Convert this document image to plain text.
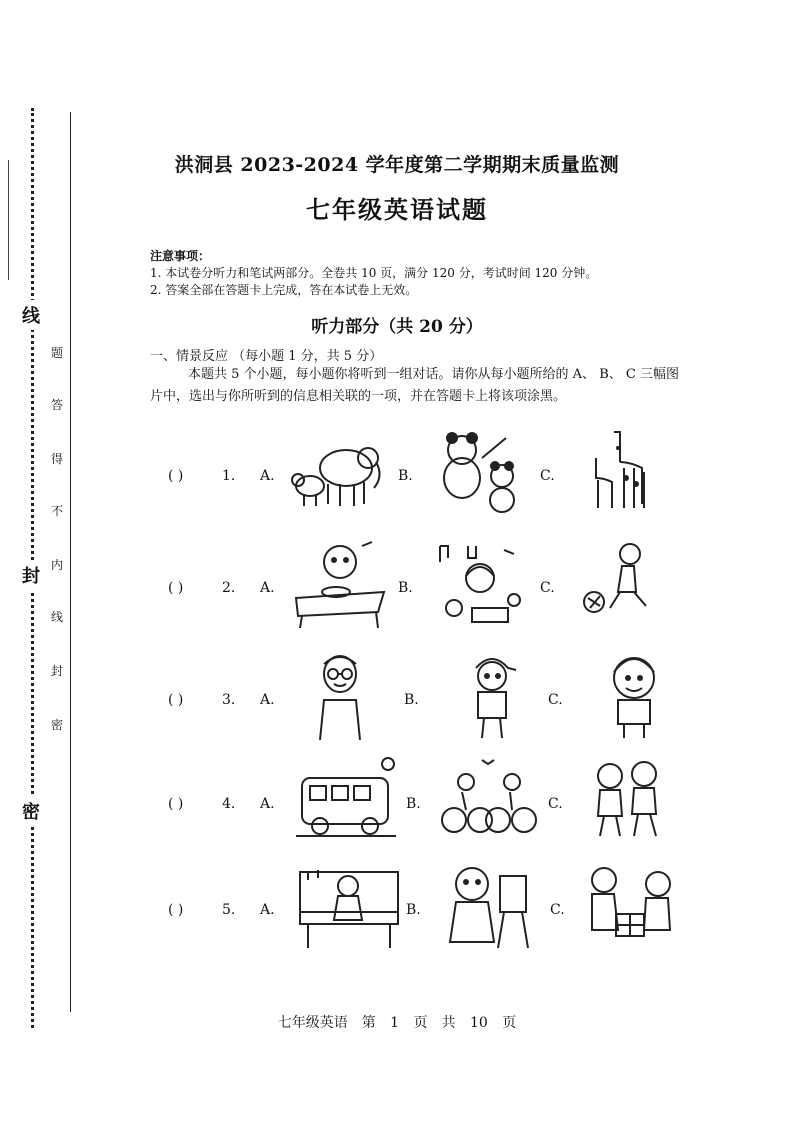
线
封
密
题
答
得
不
内
线
封
密
洪洞县 2023-2024 学年度第二学期期末质量监测
七年级英语试题
注意事项：
1. 本试卷分听力和笔试两部分。全卷共 10 页，满分 120 分，考试时间 120 分钟。
2. 答案全部在答题卡上完成，答在本试卷上无效。
听力部分（共 20 分）
一、情景反应 （每小题 1 分，共 5 分）
本题共 5 个小题，每小题你将听到一组对话。请你从每小题所给的 A、 B、 C 三幅图片中，选出与你所听到的信息相关联的一项，并在答题卡上将该项涂黑。
( )	1. A.	B.	C.
( )	2. A.	B.	C.
( )	3. A.	B.	C.
( )	4. A.	B.	C.
( )	5. A.	B.	C.
七年级英语　第 1 页　共 10 页
